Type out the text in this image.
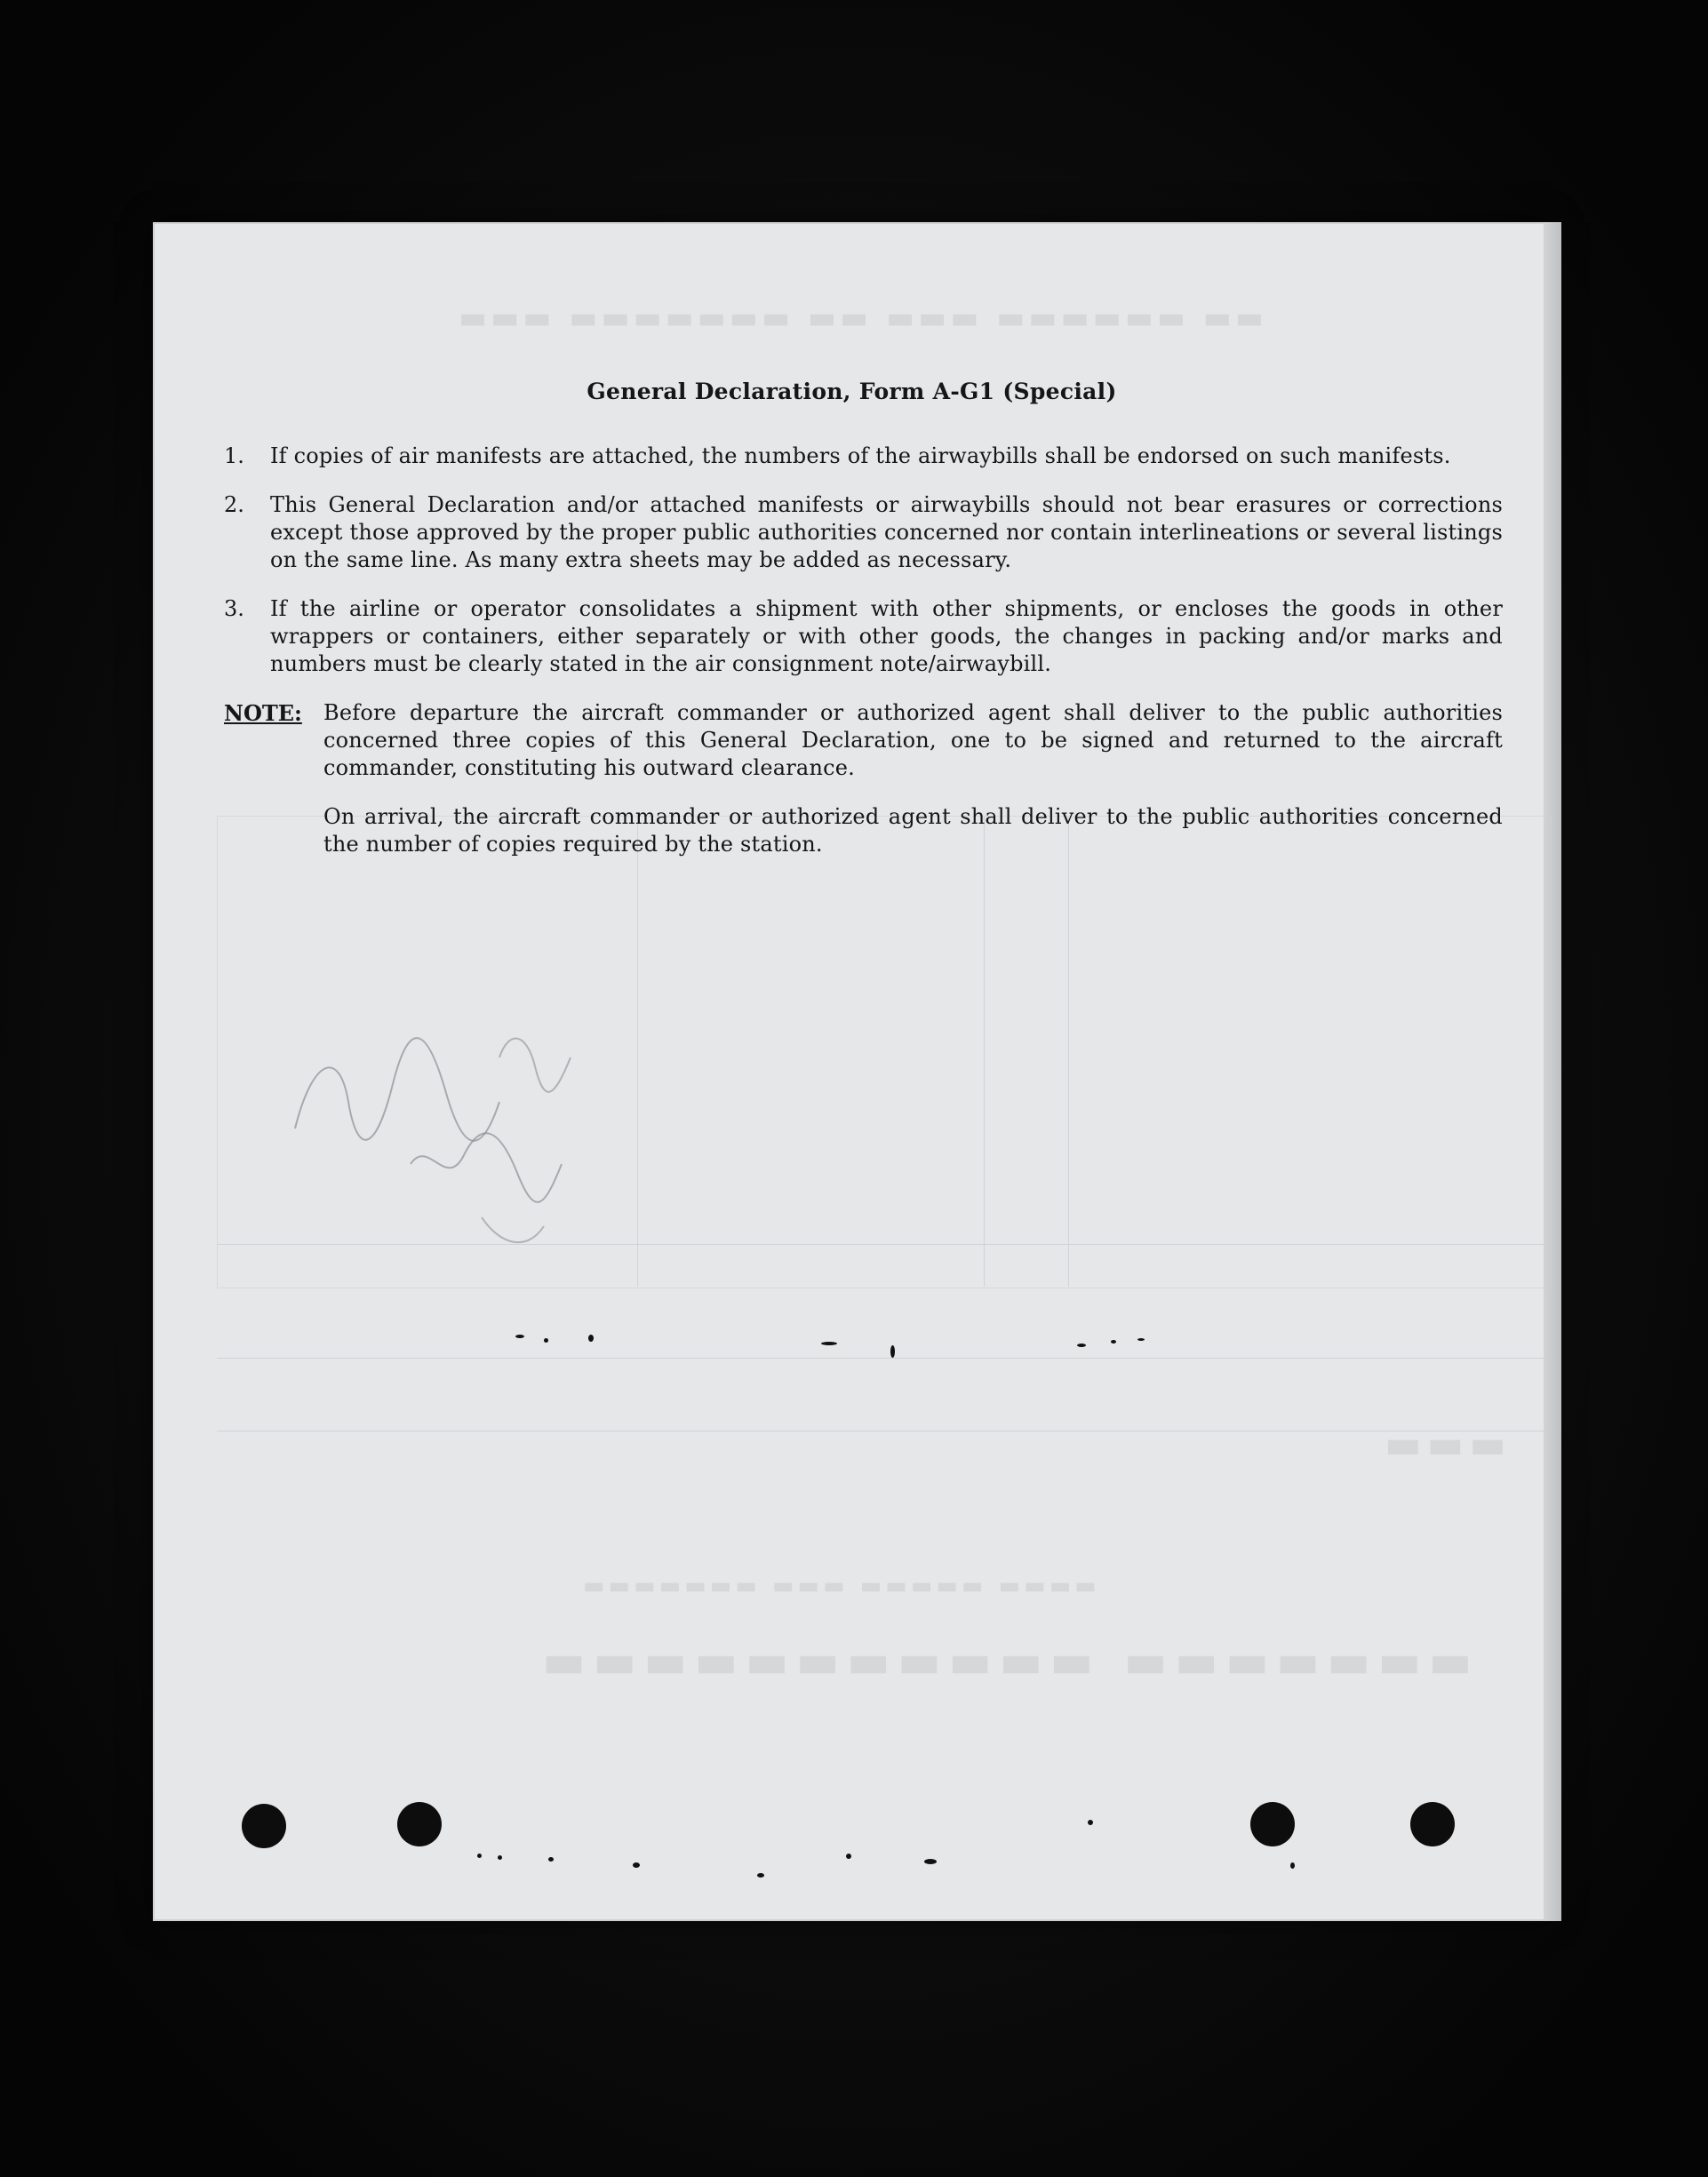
▬▬ ▬▬▬▬▬▬ ▬▬▬ ▬▬ ▬▬▬▬▬▬▬ ▬▬▬
▬▬▬▬▬▬▬ ▬▬▬▬▬▬▬▬▬▬▬
▬▬▬▬ ▬▬▬▬▬ ▬▬▬ ▬▬▬▬▬▬▬
▬▬▬
General Declaration, Form A-G1 (Special)
1.	If copies of air manifests are attached, the numbers of the airwaybills shall be endorsed on such manifests.
2.	This General Declaration and/or attached manifests or airwaybills should not bear erasures or corrections except those approved by the proper public authorities concerned nor contain interlineations or several listings on the same line. As many extra sheets may be added as necessary.
3.	If the airline or operator consolidates a shipment with other shipments, or encloses the goods in other wrappers or containers, either separately or with other goods, the changes in packing and/or marks and numbers must be clearly stated in the air consignment note/airwaybill.
NOTE:	Before departure the aircraft commander or authorized agent shall deliver to the public authorities concerned three copies of this General Declaration, one to be signed and returned to the aircraft commander, constituting his outward clearance.

On arrival, the aircraft commander or authorized agent shall deliver to the public authorities concerned the number of copies required by the station.
